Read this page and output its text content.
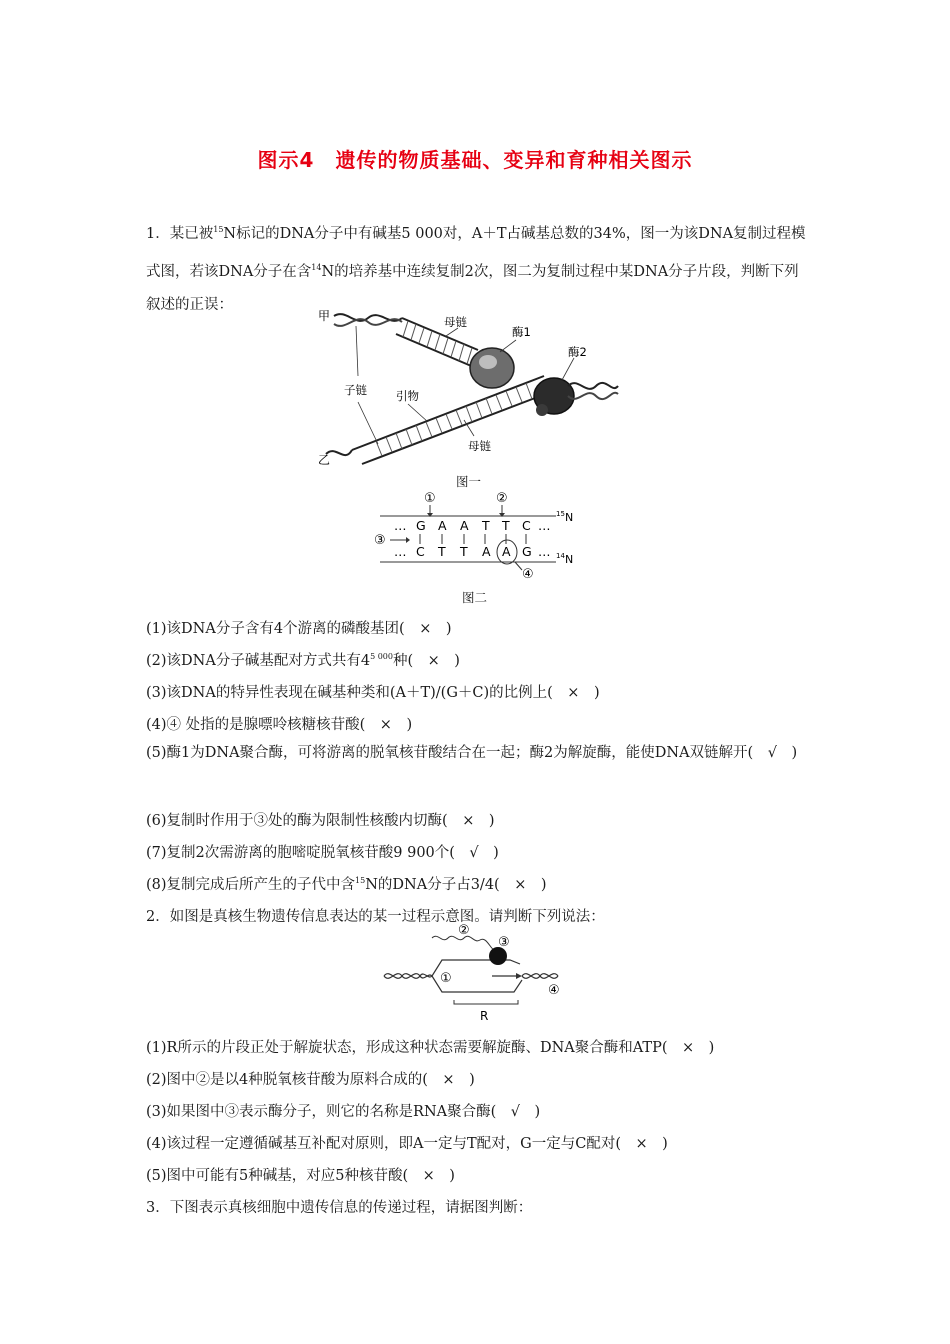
图示4　遗传的物质基础、变异和育种相关图示
1．某已被$^{15}$N标记的DNA分子中有碱基5 000对，A＋T占碱基总数的34%，图一为该DNA复制过程模式图，若该DNA分子在含$^{14}$N的培养基中连续复制2次，图二为复制过程中某DNA分子片段，判断下列叙述的正误：
甲
乙
母链
酶1
酶2
子链	引物
母链
图一
… G A A T T C …
… C T T A A G …
①	②
③
④
15 N
14 N
图二
(1)该DNA分子含有4个游离的磷酸基团(　×　)
(2)该DNA分子碱基配对方式共有$4^{5 000}$种(　×　)
(3)该DNA的特异性表现在碱基种类和(A＋T)/(G＋C)的比例上(　×　)
(4)④ 处指的是腺嘌呤核糖核苷酸(　×　)
(5)酶1为DNA聚合酶，可将游离的脱氧核苷酸结合在一起；酶2为解旋酶，能使DNA双链解开(　√　)
(6)复制时作用于③处的酶为限制性核酸内切酶(　×　)
(7)复制2次需游离的胞嘧啶脱氧核苷酸9 900个(　√　)
(8)复制完成后所产生的子代中含$^{15}$N的DNA分子占3/4(　×　)
2．如图是真核生物遗传信息表达的某一过程示意图。请判断下列说法：
R
①
②
③
④
(1)R所示的片段正处于解旋状态，形成这种状态需要解旋酶、DNA聚合酶和ATP(　×　)
(2)图中②是以4种脱氧核苷酸为原料合成的(　×　)
(3)如果图中③表示酶分子，则它的名称是RNA聚合酶(　√　)
(4)该过程一定遵循碱基互补配对原则，即A一定与T配对，G一定与C配对(　×　)
(5)图中可能有5种碱基，对应5种核苷酸(　×　)
3．下图表示真核细胞中遗传信息的传递过程，请据图判断：
